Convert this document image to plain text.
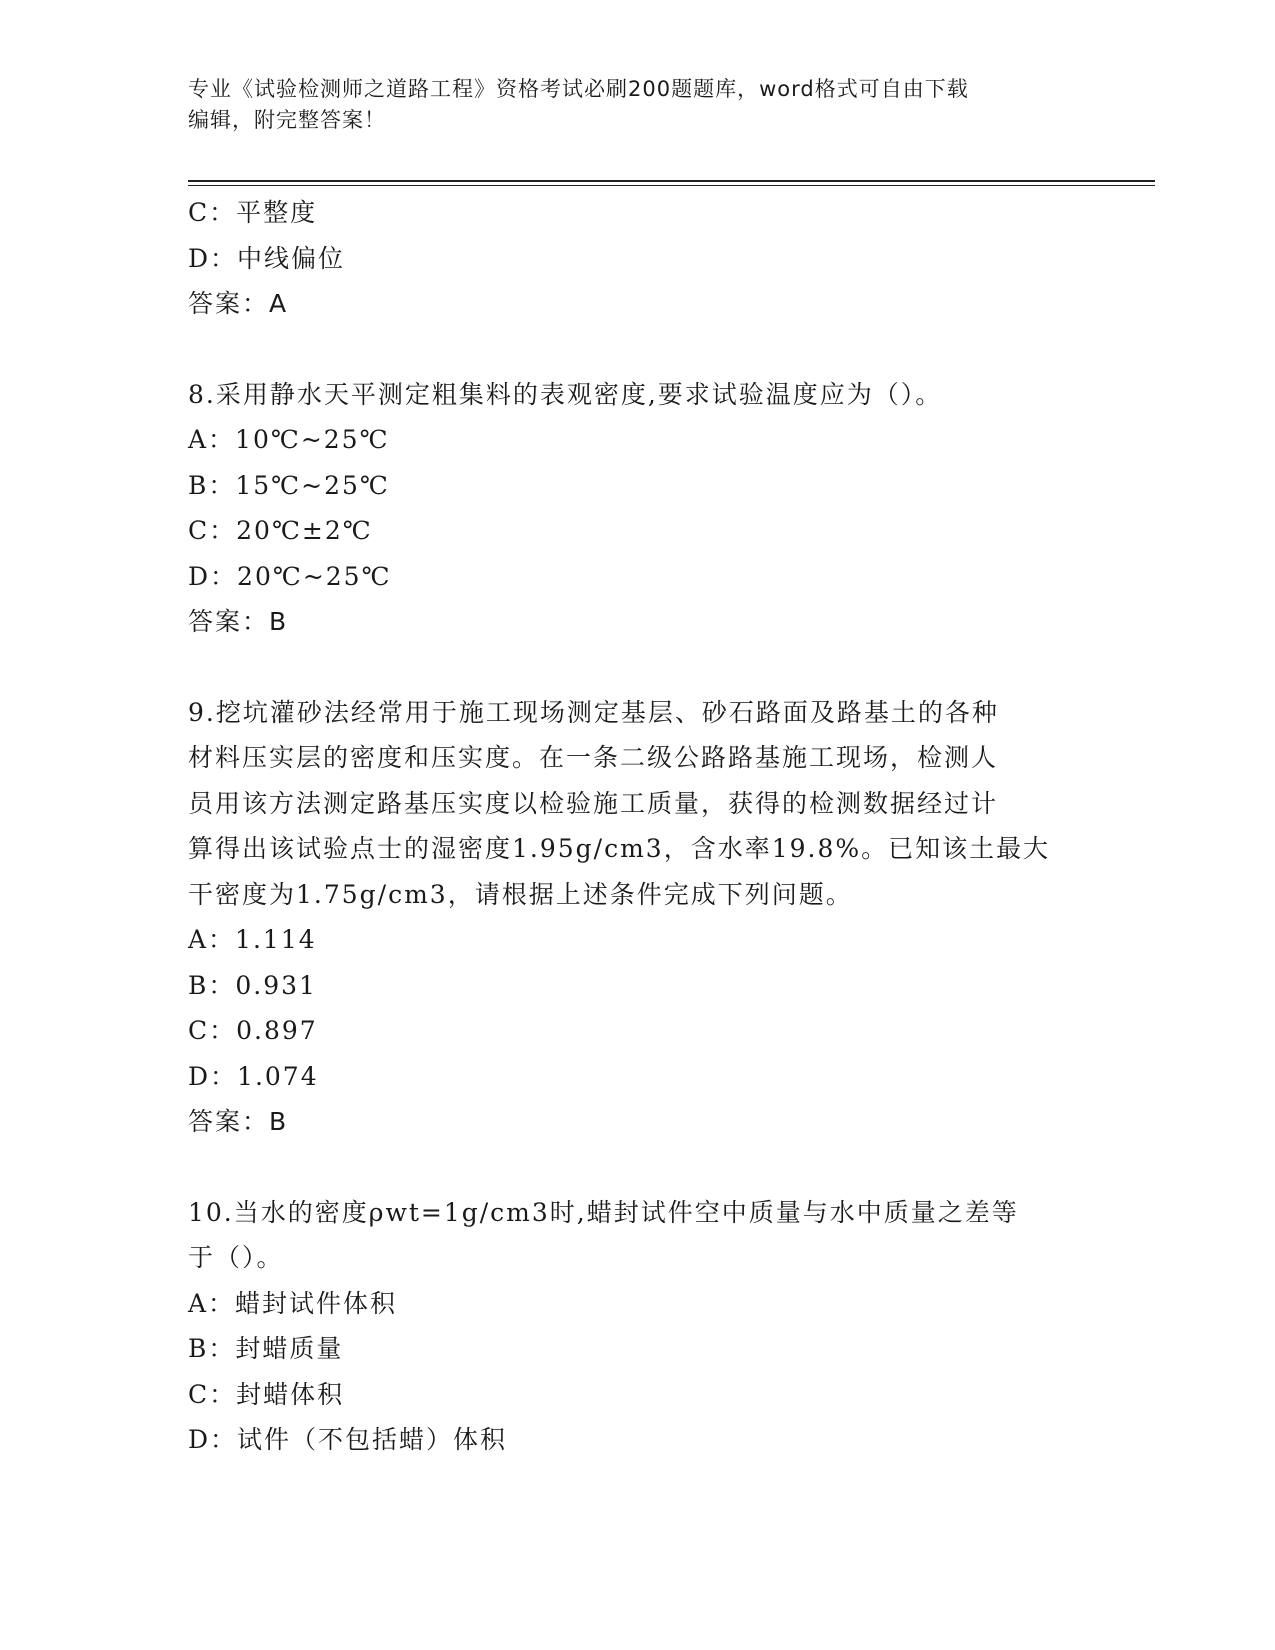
专业《试验检测师之道路工程》资格考试必刷200题题库，word格式可自由下载
编辑，附完整答案！
C：平整度
D：中线偏位
答案：A
8.采用静水天平测定粗集料的表观密度,要求试验温度应为（）。
A：10℃~25℃
B：15℃~25℃
C：20℃±2℃
D：20℃~25℃
答案：B
9.挖坑灌砂法经常用于施工现场测定基层、砂石路面及路基土的各种
材料压实层的密度和压实度。在一条二级公路路基施工现场，检测人
员用该方法测定路基压实度以检验施工质量，获得的检测数据经过计
算得出该试验点士的湿密度1.95g/cm3，含水率19.8%。已知该土最大
干密度为1.75g/cm3，请根据上述条件完成下列问题。
A：1.114
B：0.931
C：0.897
D：1.074
答案：B
10.当水的密度ρwt=1g/cm3时,蜡封试件空中质量与水中质量之差等
于（）。
A：蜡封试件体积
B：封蜡质量
C：封蜡体积
D：试件（不包括蜡）体积
